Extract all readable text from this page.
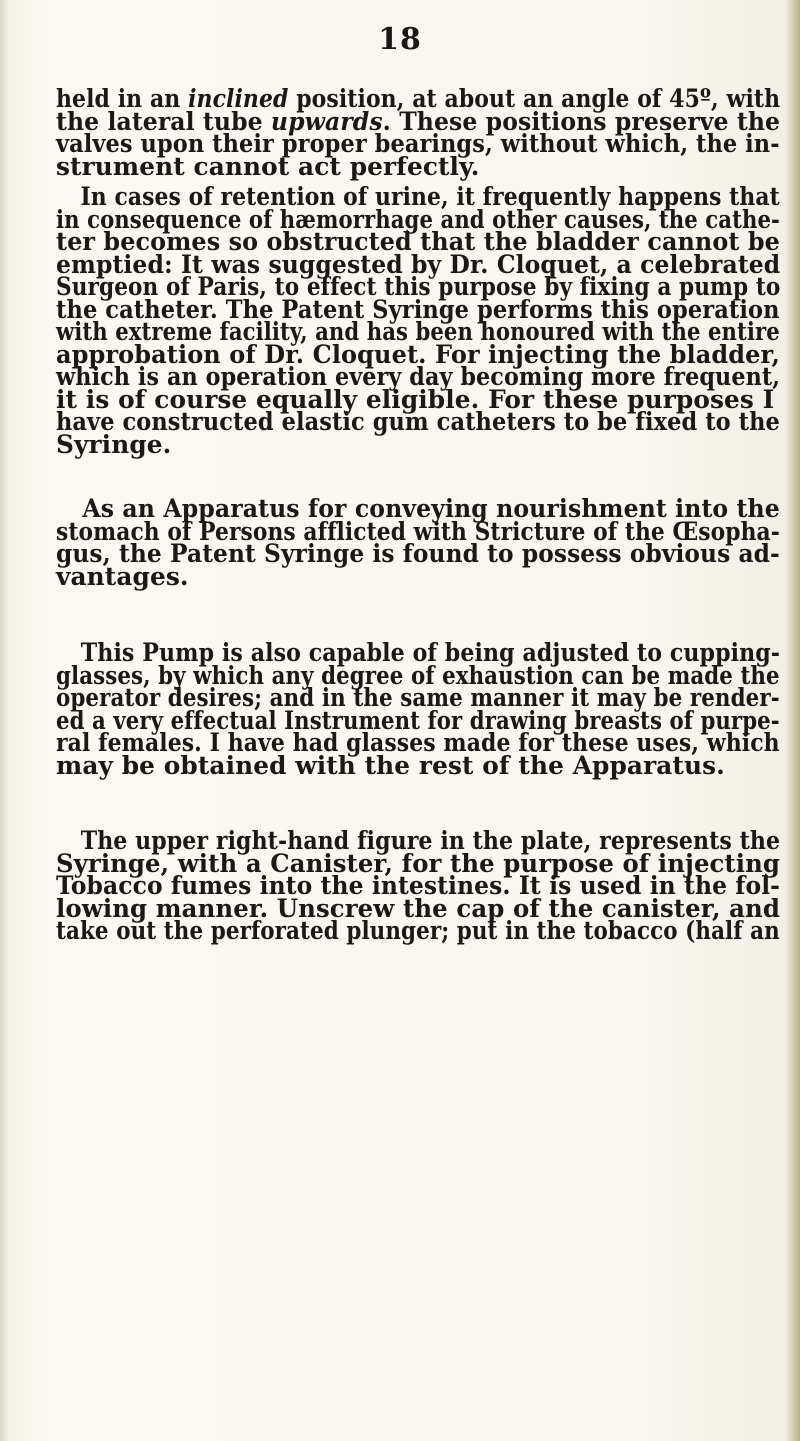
18
held in an inclined position, at about an angle of 45º, with
the lateral tube upwards. These positions preserve the
valves upon their proper bearings, without which, the in-
strument cannot act perfectly.
In cases of retention of urine, it frequently happens that
in consequence of hæmorrhage and other causes, the cathe-
ter becomes so obstructed that the bladder cannot be
emptied: It was suggested by Dr. Cloquet, a celebrated
Surgeon of Paris, to effect this purpose by fixing a pump to
the catheter. The Patent Syringe performs this operation
with extreme facility, and has been honoured with the entire
approbation of Dr. Cloquet. For injecting the bladder,
which is an operation every day becoming more frequent,
it is of course equally eligible. For these purposes I
have constructed elastic gum catheters to be fixed to the
Syringe.
As an Apparatus for conveying nourishment into the
stomach of Persons afflicted with Stricture of the Œsopha-
gus, the Patent Syringe is found to possess obvious ad-
vantages.
This Pump is also capable of being adjusted to cupping-
glasses, by which any degree of exhaustion can be made the
operator desires; and in the same manner it may be render-
ed a very effectual Instrument for drawing breasts of purpe-
ral females. I have had glasses made for these uses, which
may be obtained with the rest of the Apparatus.
The upper right-hand figure in the plate, represents the
Syringe, with a Canister, for the purpose of injecting
Tobacco fumes into the intestines. It is used in the fol-
lowing manner. Unscrew the cap of the canister, and
take out the perforated plunger; put in the tobacco (half an
